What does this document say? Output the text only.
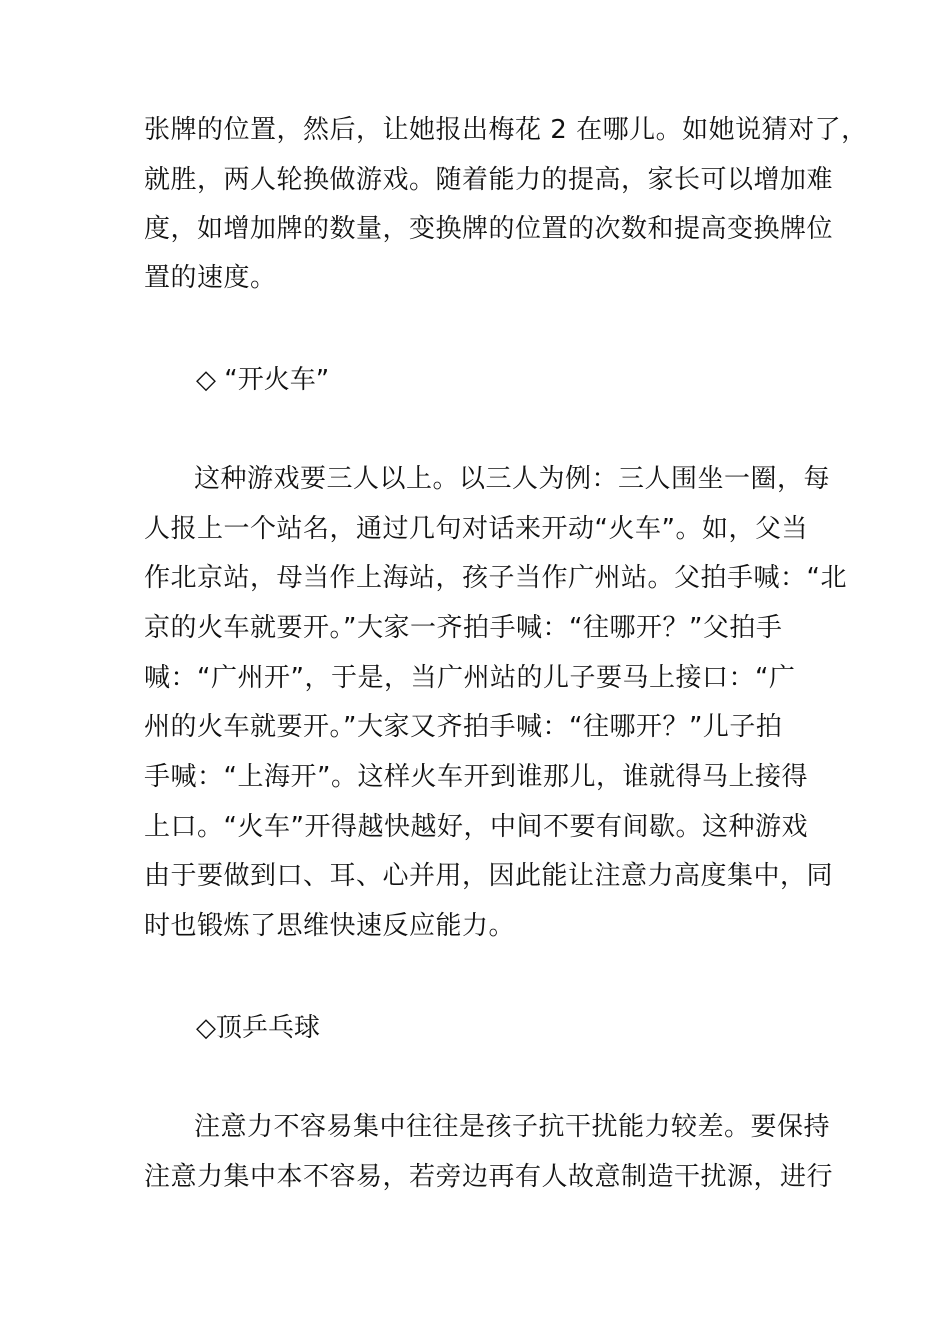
张牌的位置，然后，让她报出梅花 2 在哪儿。如她说猜对了，
就胜，两人轮换做游戏。随着能力的提高，家长可以增加难
度，如增加牌的数量，变换牌的位置的次数和提高变换牌位
置的速度。
◇ “开火车”
这种游戏要三人以上。以三人为例：三人围坐一圈，每
人报上一个站名，通过几句对话来开动“火车”。如，父当
作北京站，母当作上海站，孩子当作广州站。父拍手喊：“北
京的火车就要开。”大家一齐拍手喊：“往哪开？”父拍手
喊：“广州开”，于是，当广州站的儿子要马上接口：“广
州的火车就要开。”大家又齐拍手喊：“往哪开？”儿子拍
手喊：“上海开”。这样火车开到谁那儿，谁就得马上接得
上口。“火车”开得越快越好，中间不要有间歇。这种游戏
由于要做到口、耳、心并用，因此能让注意力高度集中，同
时也锻炼了思维快速反应能力。
◇顶乒乓球
注意力不容易集中往往是孩子抗干扰能力较差。要保持
注意力集中本不容易，若旁边再有人故意制造干扰源，进行
